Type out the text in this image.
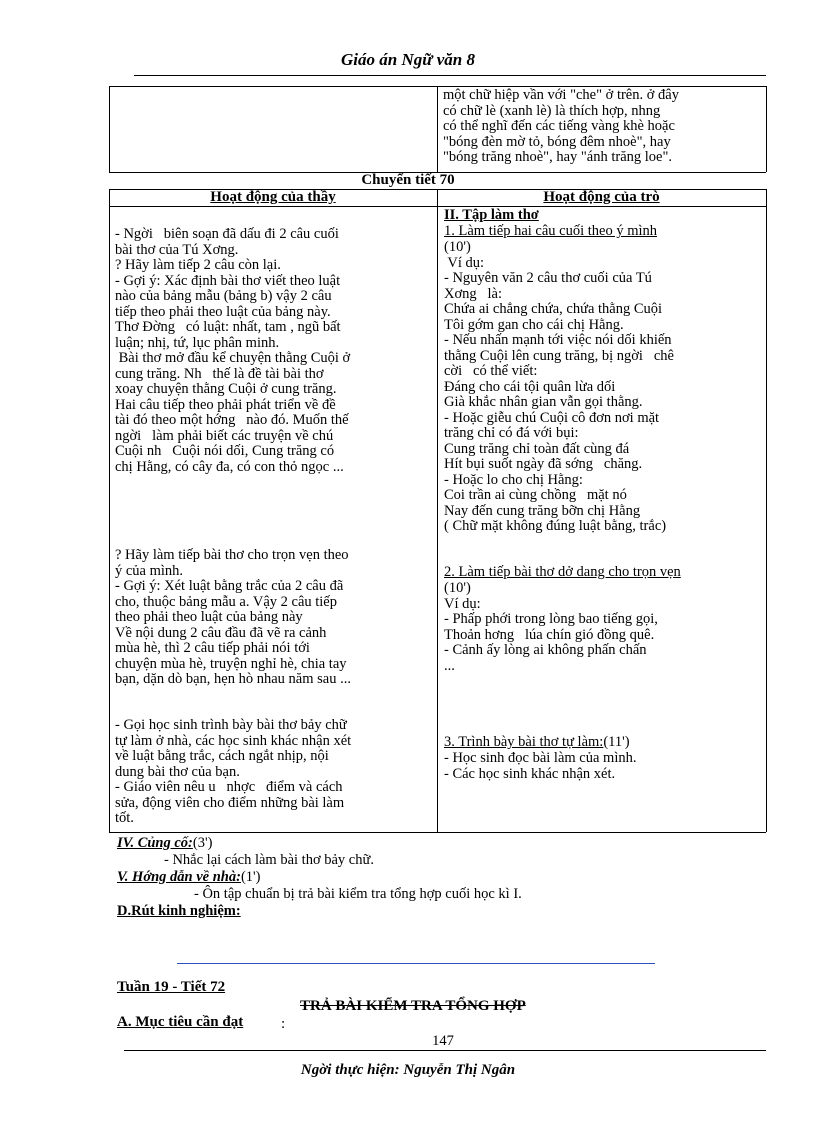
Giáo án Ngữ văn 8
một chữ hiệp vần với "che" ở trên. ở đây
có chữ lè (xanh lè) là thích hợp, nhng
có thể nghĩ đến các tiếng vàng khè hoặc
"bóng đèn mờ tỏ, bóng đêm nhoè", hay
"bóng trăng nhoè", hay "ánh trăng loe".
Chuyển tiết 70
Hoạt động của thầy	Hoạt động của trò
- Ngời   biên soạn đã dấu đi 2 câu cuối
bài thơ của Tú Xơng.
? Hãy làm tiếp 2 câu còn lại.
- Gợi ý: Xác định bài thơ viết theo luật
nào của bảng mẫu (bảng b) vậy 2 câu
tiếp theo phải theo luật của bảng này.
Thơ Đờng   có luật: nhất, tam , ngũ bất
luận; nhị, tứ, lục phân minh.
Bài thơ mở đầu kể chuyện thằng Cuội ở
cung trăng. Nh   thế là đề tài bài thơ
xoay chuyện thằng Cuội ở cung trăng.
Hai câu tiếp theo phải phát triển về đề
tài đó theo một hớng   nào đó. Muốn thế
ngời   làm phải biết các truyện về chú
Cuội nh   Cuội nói dối, Cung trăng có
chị Hằng, có cây đa, có con thỏ ngọc ...
? Hãy làm tiếp bài thơ cho trọn vẹn theo
ý của mình.
- Gợi ý: Xét luật bằng trắc của 2 câu đã
cho, thuộc bảng mẫu a. Vậy 2 câu tiếp
theo phải theo luật của bảng này
Về nội dung 2 câu đầu đã vẽ ra cảnh
mùa hè, thì 2 câu tiếp phải nói tới
chuyện mùa hè, truyện nghỉ hè, chia tay
bạn, dặn dò bạn, hẹn hò nhau năm sau ...
- Gọi học sinh trình bày bài thơ bảy chữ
tự làm ở nhà, các học sinh khác nhận xét
về luật bằng trắc, cách ngắt nhịp, nội
dung bài thơ của bạn.
- Giáo viên nêu u   nhợc   điểm và cách
sửa, động viên cho điểm những bài làm
tốt.
II. Tập làm thơ
1. Làm tiếp hai câu cuối theo ý mình
(10')
Ví dụ:
- Nguyên văn 2 câu thơ cuối của Tú
Xơng   là:
Chứa ai chẳng chứa, chứa thằng Cuội
Tôi gớm gan cho cái chị Hằng.
- Nếu nhấn mạnh tới việc nói dối khiến
thằng Cuội lên cung trăng, bị ngời   chê
cời   có thể viết:
Đáng cho cái tội quân lừa dối
Già khắc nhân gian vẫn gọi thằng.
- Hoặc giễu chú Cuội cô đơn nơi mặt
trăng chỉ có đá với bụi:
Cung trăng chỉ toàn đất cùng đá
Hít bụi suốt ngày đã sớng   chăng.
- Hoặc lo cho chị Hằng:
Coi trần ai cùng chồng   mặt nó
Nay đến cung trăng bỡn chị Hằng
( Chữ mặt không đúng luật bằng, trắc)
2. Làm tiếp bài thơ dở dang cho trọn vẹn
(10')
Ví dụ:
- Phấp phới trong lòng bao tiếng gọi,
Thoản hơng   lúa chín gió đồng quê.
- Cảnh ấy lòng ai không phấn chấn
...
3. Trình bày bài thơ tự làm:(11')
- Học sinh đọc bài làm của mình.
- Các học sinh khác nhận xét.
IV. Củng cố:(3')
- Nhắc lại cách làm bài thơ bảy chữ.
V. Hớng dẫn về nhà:(1')
- Ôn tập chuẩn bị trả bài kiểm tra tổng hợp cuối học kì I.
D.Rút kinh nghiệm:
Tuần 19 - Tiết 72
TRẢ BÀI KIỂM TRA TỔNG HỢP
A. Mục tiêu cần đạt	:
147
Ngời thực hiện: Nguyễn Thị Ngân
